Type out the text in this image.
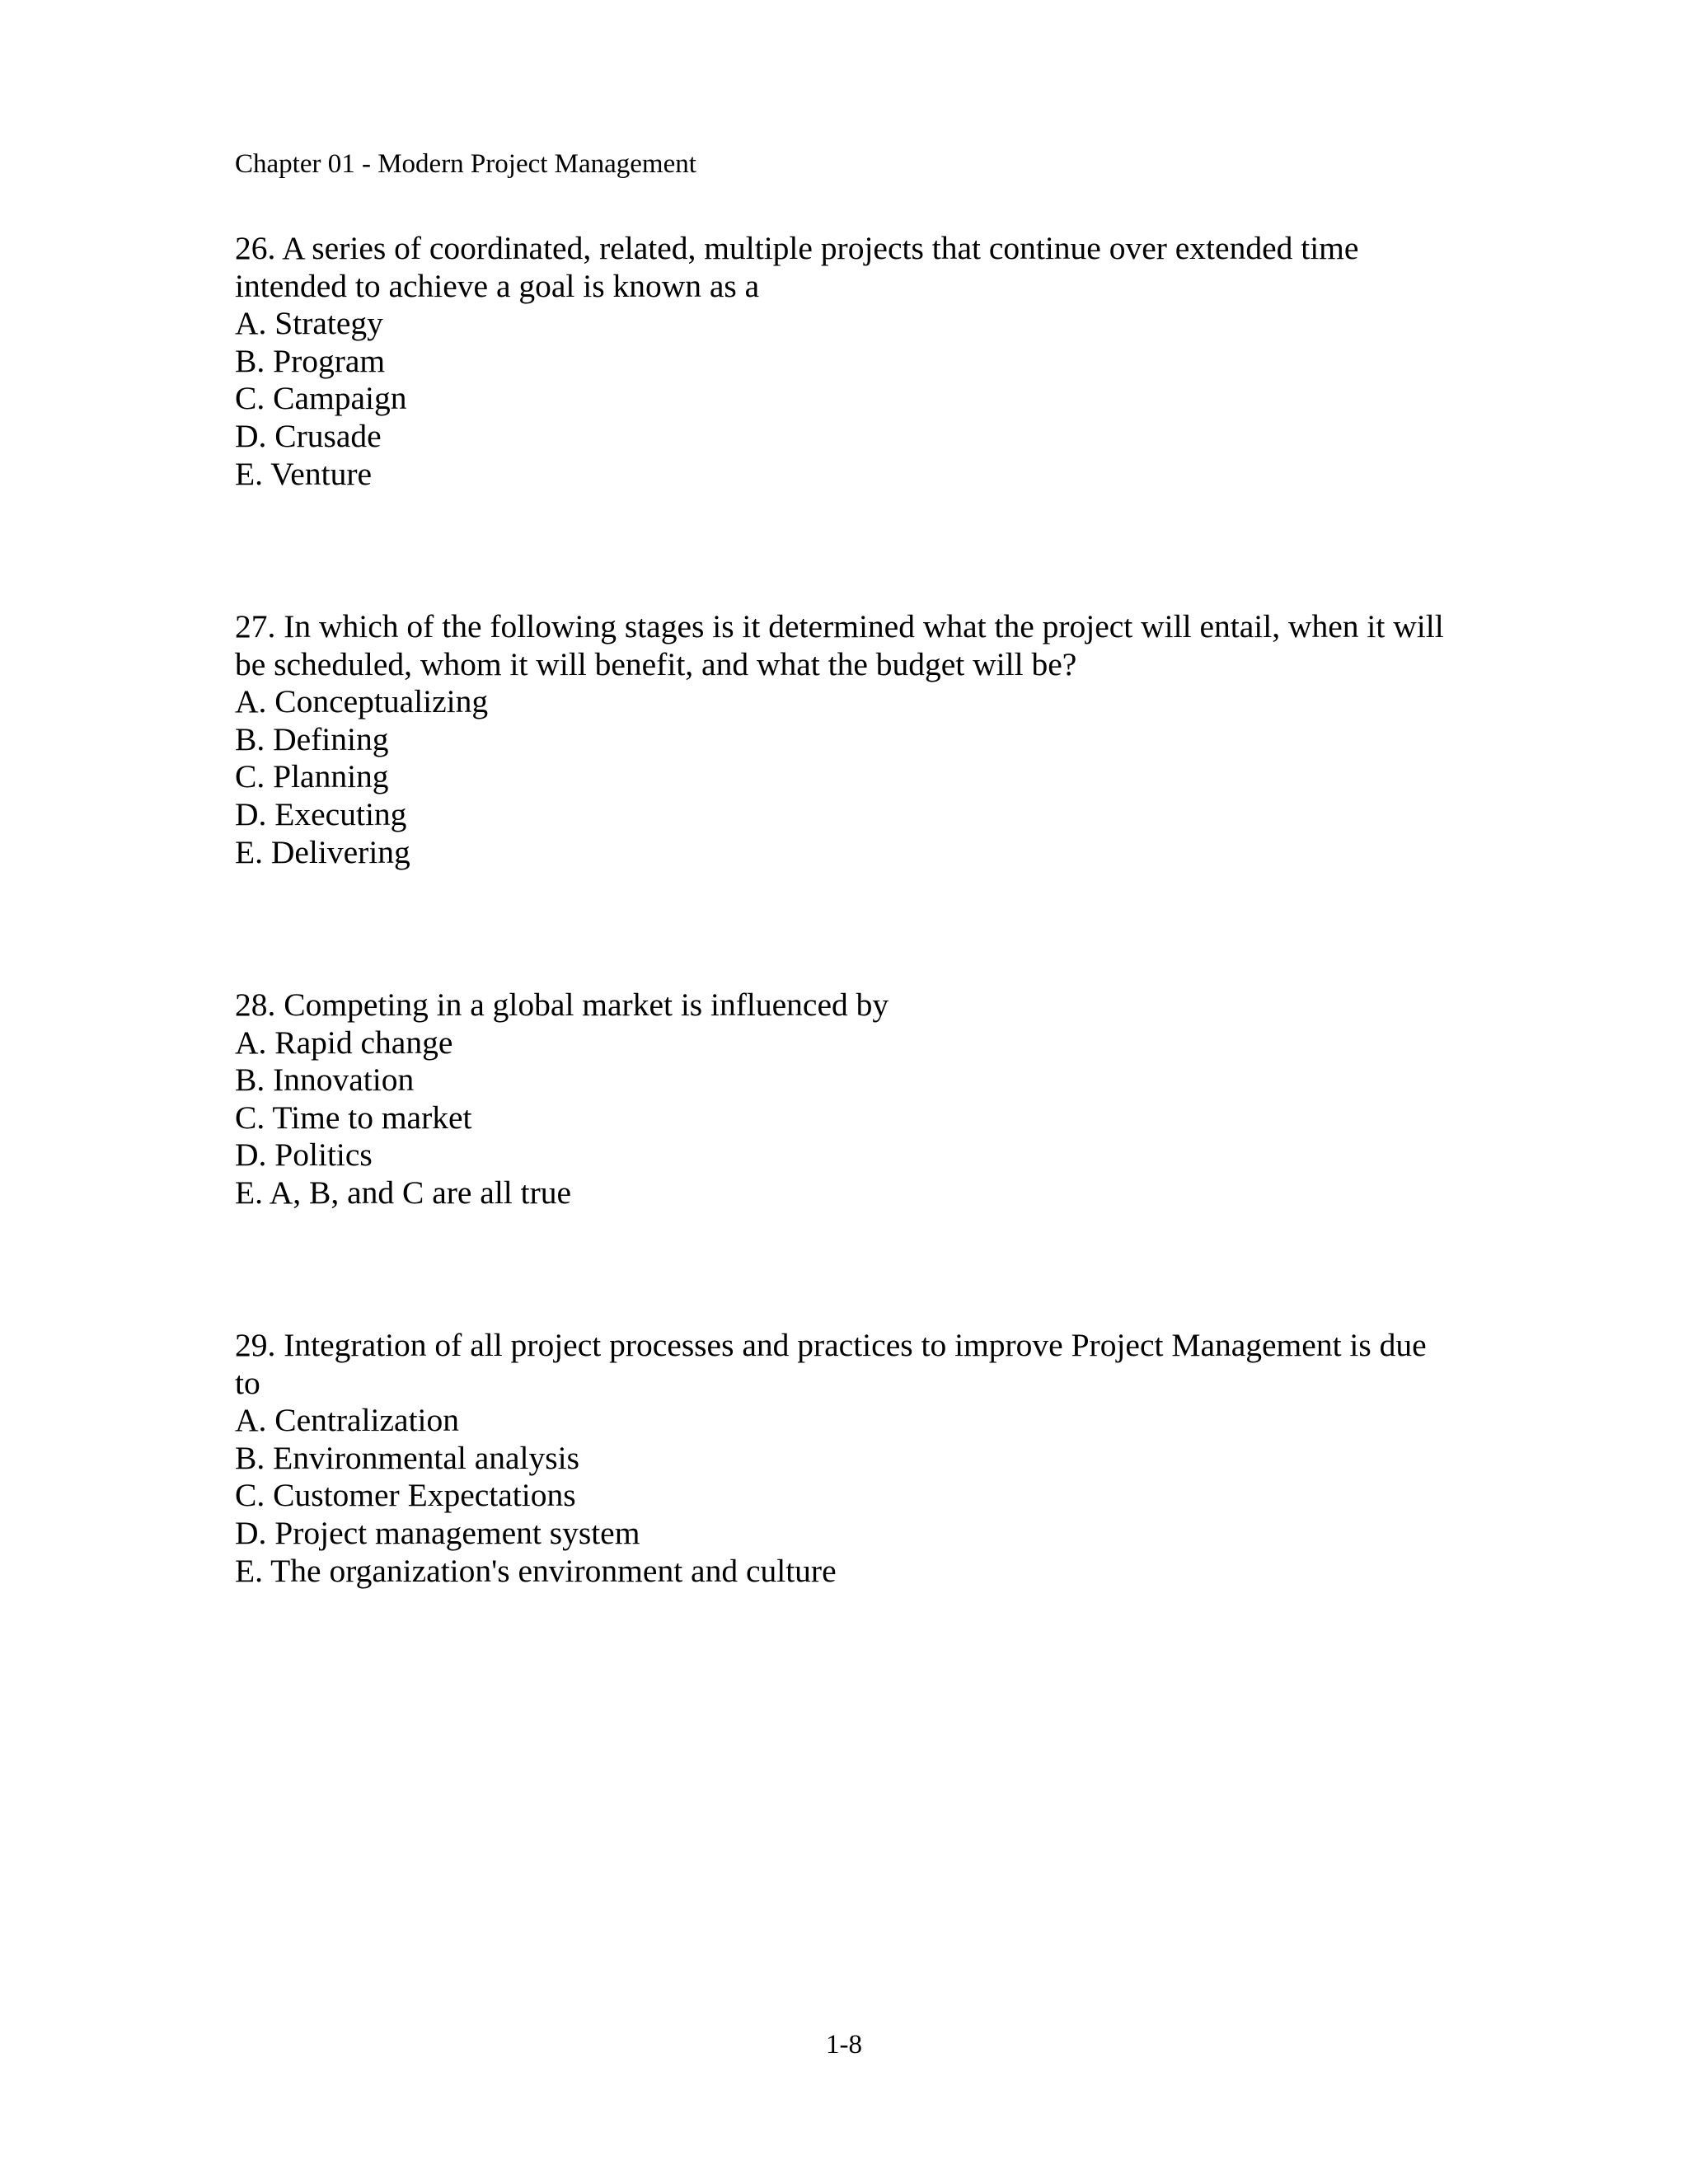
Chapter 01 - Modern Project Management

26. A series of coordinated, related, multiple projects that continue over extended time

intended to achieve a goal is known as a

A. Strategy

B. Program

C. Campaign

D. Crusade

E. Venture

27. In which of the following stages is it determined what the project will entail, when it will

be scheduled, whom it will benefit, and what the budget will be?

A. Conceptualizing

B. Defining

C. Planning

D. Executing

E. Delivering

28. Competing in a global market is influenced by

A. Rapid change

B. Innovation

C. Time to market

D. Politics

E. A, B, and C are all true

29. Integration of all project processes and practices to improve Project Management is due

to

A. Centralization

B. Environmental analysis

C. Customer Expectations

D. Project management system

E. The organization's environment and culture

1-8
